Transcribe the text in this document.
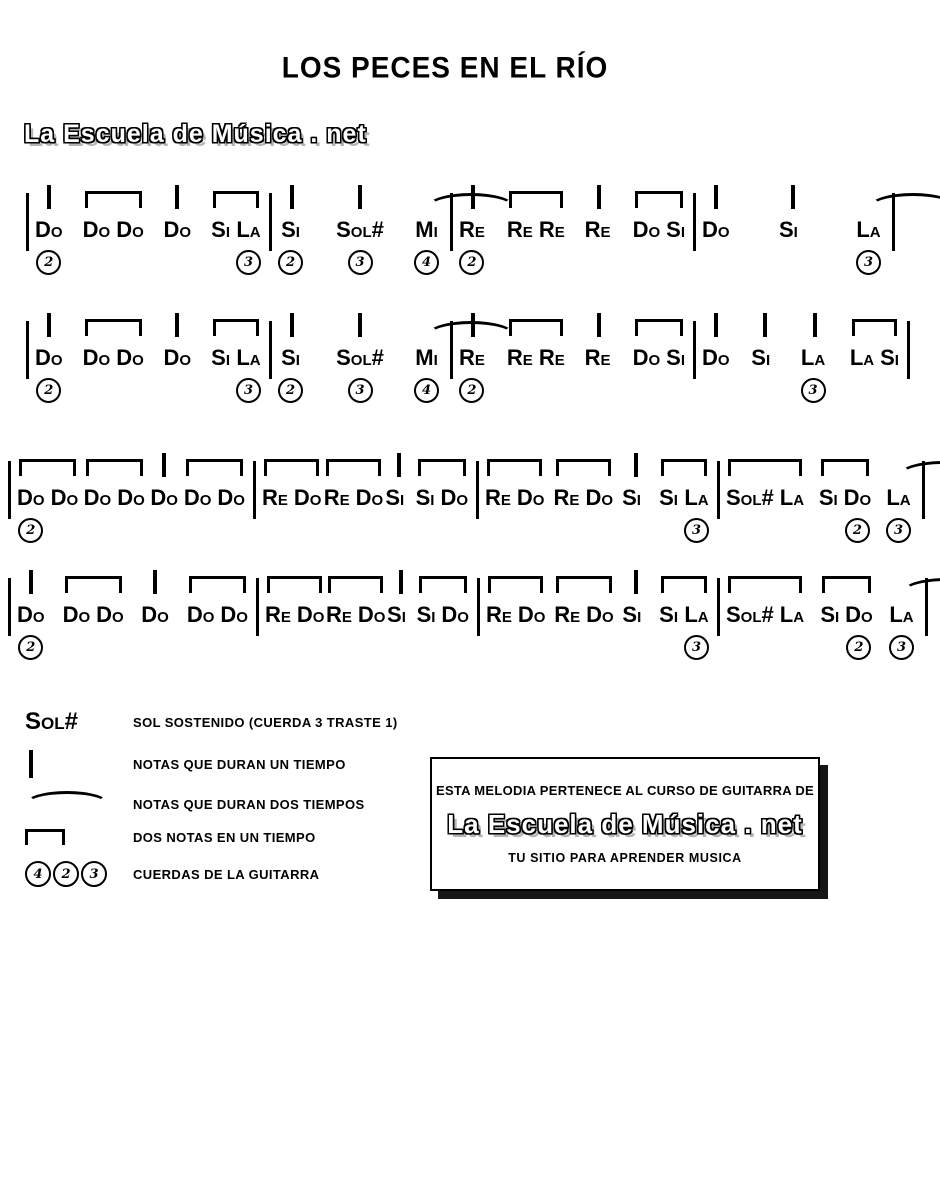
LOS PECES EN EL RÍO
La Escuela de Música . net
Do
2
Do Do Do Si La
3
Si
2
Sol#
3
Mi
4
Re
2
Re Re Re Do Si Do Si	La
3
Do
2
Do Do Do Si La
3
Si
2
Sol#
3
Mi
4
Re
2
Re Re Re Do Si Do Si La
3
La Si
Do
2
Do Do Do Do Do Do Re Do Re Do Si Si Do Re Do Re Do Si Si La
3
Sol# La Si Do
2
La
3
Do
2
Do Do Do Do Do Re Do Re Do Si Si Do Re Do Re Do Si Si La
3
Sol# La Si Do
2
La
3
Sol#	SOL SOSTENIDO (CUERDA 3 TRASTE 1)
NOTAS QUE DURAN UN TIEMPO
NOTAS QUE DURAN DOS TIEMPOS
DOS NOTAS EN UN TIEMPO
4	2	3	CUERDAS DE LA GUITARRA
ESTA MELODIA PERTENECE AL CURSO DE GUITARRA DE
La Escuela de Música . net
TU SITIO PARA APRENDER MUSICA
